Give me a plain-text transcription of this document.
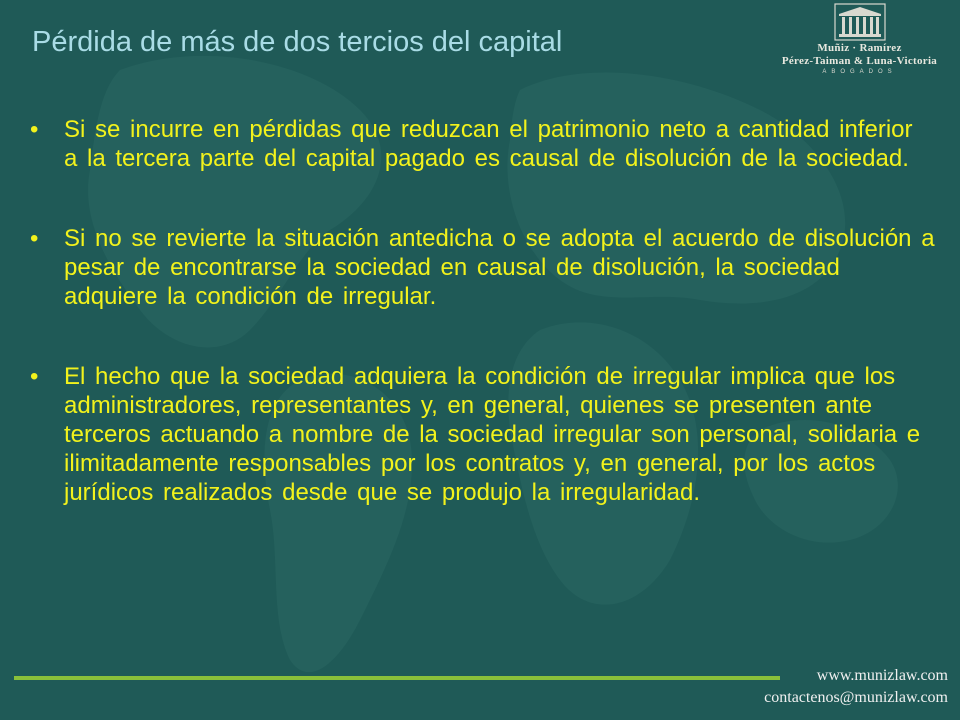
Pérdida de más de dos tercios del capital	Muñiz · Ramírez
Pérez-Taiman & Luna-Victoria
ABOGADOS
• Si se incurre en pérdidas que reduzcan el patrimonio neto a cantidad inferior a la tercera parte del capital pagado es causal de disolución de la sociedad.
• Si no se revierte la situación antedicha o se adopta el acuerdo de disolución a pesar de encontrarse la sociedad en causal de disolución, la sociedad adquiere la condición de irregular.
• El hecho que la sociedad adquiera la condición de irregular implica que los administradores, representantes y, en general, quienes se presenten ante terceros actuando a nombre de la sociedad irregular son personal, solidaria e ilimitadamente responsables por los contratos y, en general, por los actos jurídicos realizados desde que se produjo la irregularidad.
www.munizlaw.com
contactenos@munizlaw.com
